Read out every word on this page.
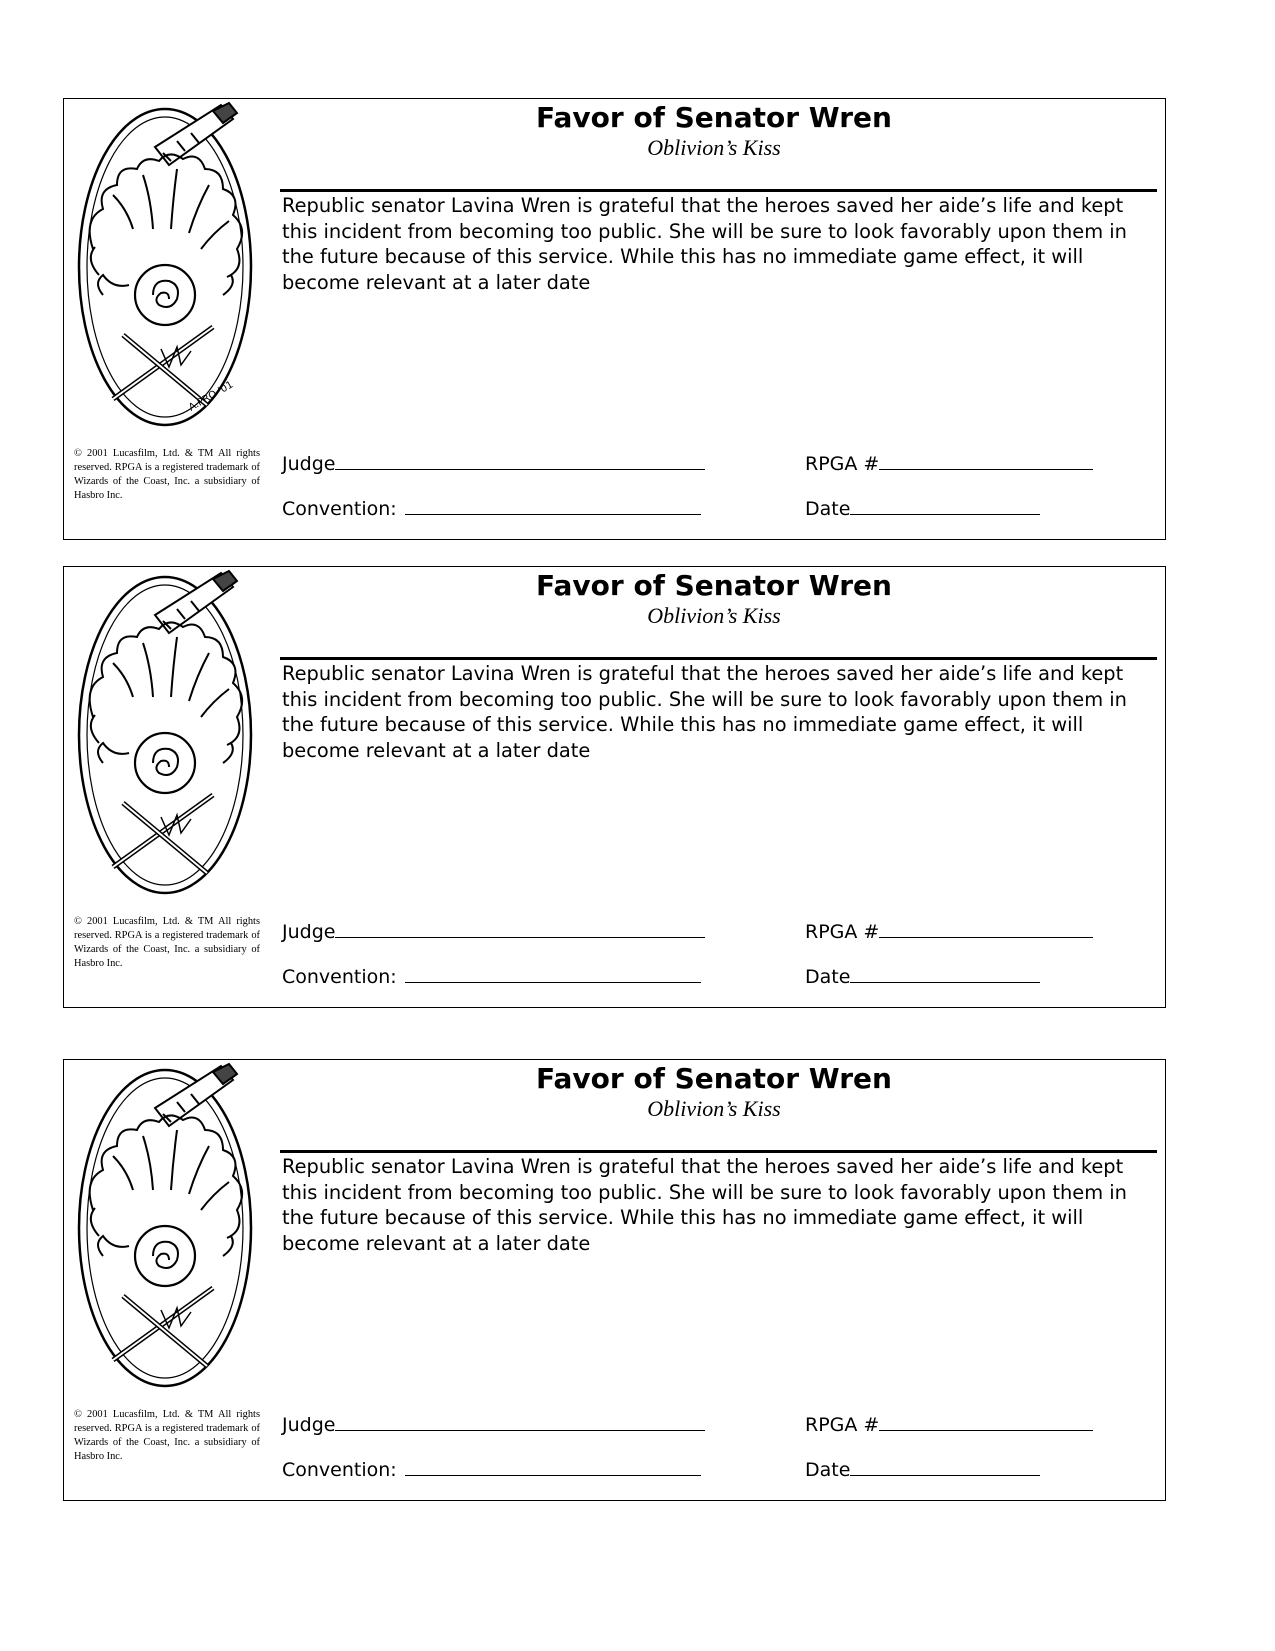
A.PRO '01
© 2001 Lucasfilm, Ltd. & TM All rights reserved. RPGA is a registered trademark of Wizards of the Coast, Inc. a subsidiary of Hasbro Inc.
Favor of Senator Wren
Oblivion’s Kiss
Republic senator Lavina Wren is grateful that the heroes saved her aide’s life and kept this incident from becoming too public. She will be sure to look favorably upon them in the future because of this service. While this has no immediate game effect, it will become relevant at a later date
Judge	RPGA #
Convention:	Date
© 2001 Lucasfilm, Ltd. & TM All rights reserved. RPGA is a registered trademark of Wizards of the Coast, Inc. a subsidiary of Hasbro Inc.
Favor of Senator Wren
Oblivion’s Kiss
Republic senator Lavina Wren is grateful that the heroes saved her aide’s life and kept this incident from becoming too public. She will be sure to look favorably upon them in the future because of this service. While this has no immediate game effect, it will become relevant at a later date
Judge	RPGA #
Convention:	Date
© 2001 Lucasfilm, Ltd. & TM All rights reserved. RPGA is a registered trademark of Wizards of the Coast, Inc. a subsidiary of Hasbro Inc.
Favor of Senator Wren
Oblivion’s Kiss
Republic senator Lavina Wren is grateful that the heroes saved her aide’s life and kept this incident from becoming too public. She will be sure to look favorably upon them in the future because of this service. While this has no immediate game effect, it will become relevant at a later date
Judge	RPGA #
Convention:	Date
